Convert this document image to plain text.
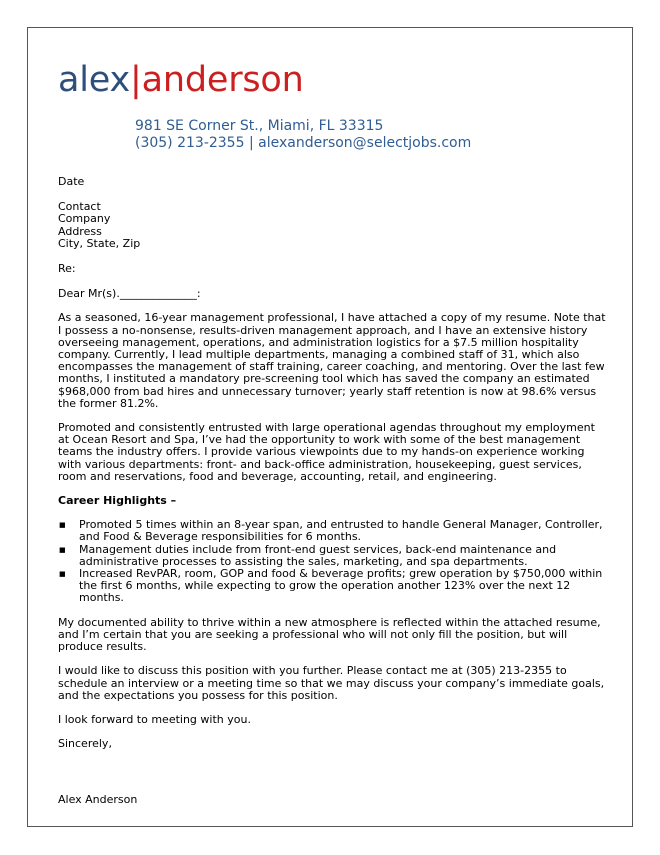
alex|anderson
981 SE Corner St., Miami, FL 33315
(305) 213-2355 | alexanderson@selectjobs.com

Date

Contact

Company

Address

City, State, Zip

Re:

Dear Mr(s).______________:

As a seasoned, 16-year management professional, I have attached a copy of my resume. Note that I possess a no-nonsense, results-driven management approach, and I have an extensive history overseeing management, operations, and administration logistics for a $7.5 million hospitality company. Currently, I lead multiple departments, managing a combined staff of 31, which also encompasses the management of staff training, career coaching, and mentoring. Over the last few months, I instituted a mandatory pre-screening tool which has saved the company an estimated $968,000 from bad hires and unnecessary turnover; yearly staff retention is now at 98.6% versus the former 81.2%.

Promoted and consistently entrusted with large operational agendas throughout my employment at Ocean Resort and Spa, I’ve had the opportunity to work with some of the best management teams the industry offers. I provide various viewpoints due to my hands-on experience working with various departments: front- and back-office administration, housekeeping, guest services, room and reservations, food and beverage, accounting, retail, and engineering.

Career Highlights –

■ Promoted 5 times within an 8-year span, and entrusted to handle General Manager, Controller, and Food & Beverage responsibilities for 6 months.
■ Management duties include from front-end guest services, back-end maintenance and administrative processes to assisting the sales, marketing, and spa departments.
■ Increased RevPAR, room, GOP and food & beverage profits; grew operation by $750,000 within the first 6 months, while expecting to grow the operation another 123% over the next 12 months.

My documented ability to thrive within a new atmosphere is reflected within the attached resume, and I’m certain that you are seeking a professional who will not only fill the position, but will produce results.

I would like to discuss this position with you further. Please contact me at (305) 213-2355 to schedule an interview or a meeting time so that we may discuss your company’s immediate goals, and the expectations you possess for this position.

I look forward to meeting with you.

Sincerely,

Alex Anderson
